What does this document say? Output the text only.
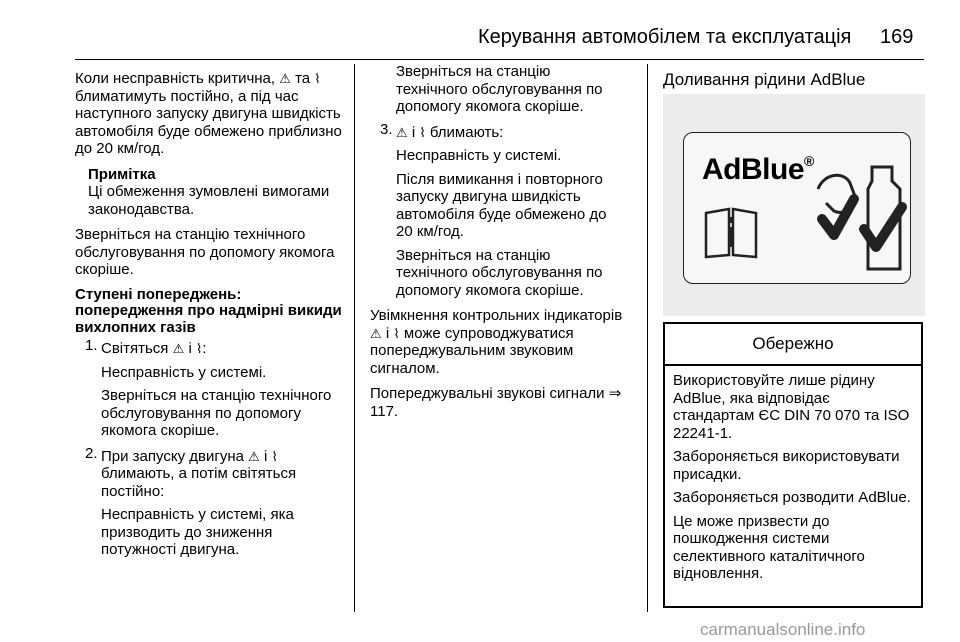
Керування автомобілем та експлуатація 169

Коли несправність критична, ⚠ та ⌇ блиматимуть постійно, а під час наступного запуску двигуна швидкість автомобіля буде обмежено приблизно до 20 км/год.

Примітка

Ці обмеження зумовлені вимогами законодавства.

Зверніться на станцію технічного обслуговування по допомогу якомога скоріше.

Ступені попереджень: попередження про надмірні викиди вихлопних газів
1. Світяться ⚠ і ⌇:

Несправність у системі.

Зверніться на станцію технічного обслуговування по допомогу якомога скоріше.

2. При запуску двигуна ⚠ і ⌇ блимають, а потім світяться постійно:

Несправність у системі, яка призводить до зниження потужності двигуна.

Зверніться на станцію технічного обслуговування по допомогу якомога скоріше.

3. ⚠ і ⌇ блимають:

Несправність у системі.

Після вимикання і повторного запуску двигуна швидкість автомобіля буде обмежено до 20 км/год.

Зверніться на станцію технічного обслуговування по допомогу якомога скоріше.

Увімкнення контрольних індикаторів ⚠ і ⌇ може супроводжуватися попереджувальним звуковим сигналом.

Попереджувальні звукові сигнали ⇒ 117.

Доливання рідини AdBlue
AdBlue®
Обережно

Використовуйте лише рідину AdBlue, яка відповідає стандартам ЄС DIN 70 070 та ISO 22241-1.

Забороняється використовувати присадки.

Забороняється розводити AdBlue.

Це може призвести до пошкодження системи селективного каталітичного відновлення.

carmanualsonline.info
